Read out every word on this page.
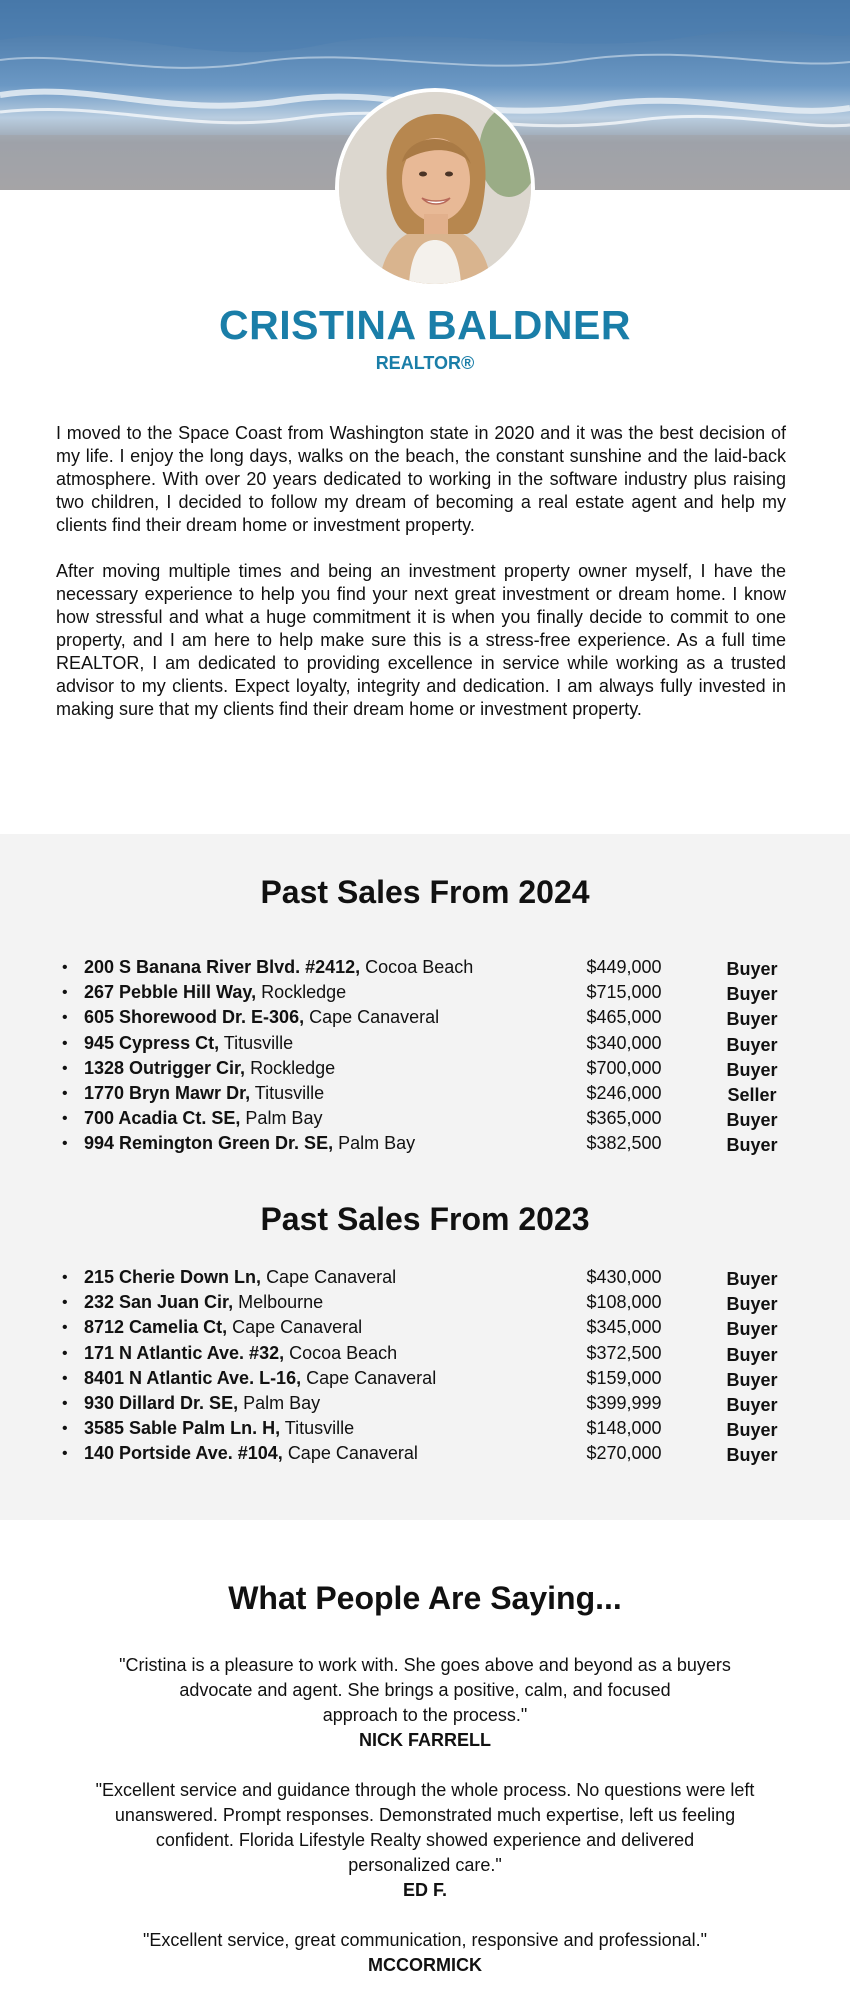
CRISTINA BALDNER
REALTOR®

I moved to the Space Coast from Washington state in 2020 and it was the best decision of my life. I enjoy the long days, walks on the beach, the constant sunshine and the laid-back atmosphere. With over 20 years dedicated to working in the software industry plus raising two children, I decided to follow my dream of becoming a real estate agent and help my clients find their dream home or investment property.

After moving multiple times and being an investment property owner myself, I have the necessary experience to help you find your next great investment or dream home. I know how stressful and what a huge commitment it is when you finally decide to commit to one property, and I am here to help make sure this is a stress-free experience. As a full time REALTOR, I am dedicated to providing excellence in service while working as a trusted advisor to my clients. Expect loyalty, integrity and dedication. I am always fully invested in making sure that my clients find their dream home or investment property.

Past Sales From 2024
• 200 S Banana River Blvd. #2412, Cocoa Beach	$449,000	Buyer
• 267 Pebble Hill Way, Rockledge	$715,000	Buyer
• 605 Shorewood Dr. E-306, Cape Canaveral	$465,000	Buyer
• 945 Cypress Ct, Titusville	$340,000	Buyer
• 1328 Outrigger Cir, Rockledge	$700,000	Buyer
• 1770 Bryn Mawr Dr, Titusville	$246,000	Seller
• 700 Acadia Ct. SE, Palm Bay	$365,000	Buyer
• 994 Remington Green Dr. SE, Palm Bay	$382,500	Buyer
Past Sales From 2023
• 215 Cherie Down Ln, Cape Canaveral	$430,000	Buyer
• 232 San Juan Cir, Melbourne	$108,000	Buyer
• 8712 Camelia Ct, Cape Canaveral	$345,000	Buyer
• 171 N Atlantic Ave. #32, Cocoa Beach	$372,500	Buyer
• 8401 N Atlantic Ave. L-16, Cape Canaveral	$159,000	Buyer
• 930 Dillard Dr. SE, Palm Bay	$399,999	Buyer
• 3585 Sable Palm Ln. H, Titusville	$148,000	Buyer
• 140 Portside Ave. #104, Cape Canaveral	$270,000	Buyer
What People Are Saying...
"Cristina is a pleasure to work with. She goes above and beyond as a buyers
advocate and agent. She brings a positive, calm, and focused
approach to the process."
NICK FARRELL
"Excellent service and guidance through the whole process. No questions were left
unanswered. Prompt responses. Demonstrated much expertise, left us feeling
confident. Florida Lifestyle Realty showed experience and delivered
personalized care."
ED F.
"Excellent service, great communication, responsive and professional."
MCCORMICK
